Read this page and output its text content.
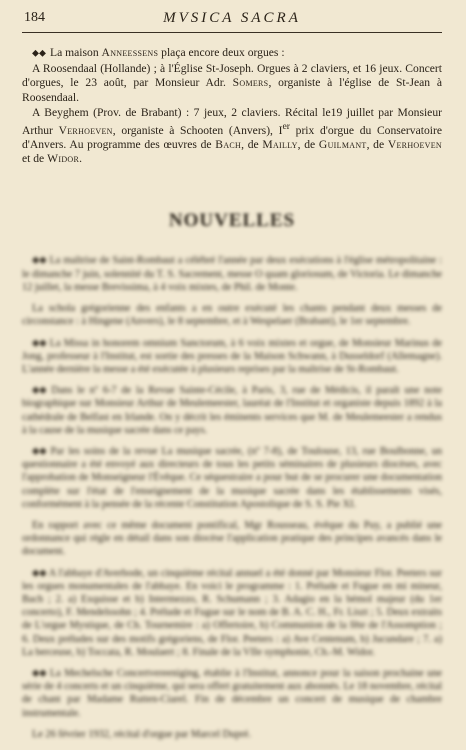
184	MVSICA SACRA

⬥⬥ La maison Anneessens plaça encore deux orgues :

A Roosendaal (Hollande) ; à l'Église St-Joseph. Orgues à 2 claviers, et 16 jeux. Concert d'orgues, le 23 août, par Monsieur Adr. Somers, organiste à l'église de St-Jean à Roosendaal.

A Beyghem (Prov. de Brabant) : 7 jeux, 2 claviers. Récital le19 juillet par Monsieur Arthur Verhoeven, organiste à Schooten (Anvers), Ier prix d'orgue du Conservatoire d'Anvers. Au programme des œuvres de Bach, de Mailly, de Guilmant, de Verhoeven et de Widor.

NOUVELLES

⬥⬥ La maîtrise de Saint-Rombaut a célébré l'année par deux exécutions à l'église métropolitaine : le dimanche 7 juin, solennité du T. S. Sacrement, messe O quam gloriosum, de Victoria. Le dimanche 12 juillet, la messe Brevissima, à 4 voix mixtes, de Phil. de Monte.

La schola grégorienne des enfants a en outre exécuté les chants pendant deux messes de circonstance : à Hingene (Anvers), le 8 septembre, et à Wespelaer (Brabant), le 1er septembre.

⬥⬥ La Missa in honorem omnium Sanctorum, à 6 voix mixtes et orgue, de Monsieur Marinus de Jong, professeur à l'Institut, est sortie des presses de la Maison Schwann, à Dusseldorf (Allemagne). L'année dernière la messe a été exécutée à plusieurs reprises par la maîtrise de St-Rombaut.

⬥⬥ Dans le nº 6-7 de la Revue Sainte-Cécile, à Paris, 3, rue de Médicis, il paraît une note biographique sur Monsieur Arthur de Meulemeester, lauréat de l'Institut et organiste depuis 1892 à la cathédrale de Belfast en Irlande. On y décrit les éminents services que M. de Meulemeester a rendus à la cause de la musique sacrée dans ce pays.

⬥⬥ Par les soins de la revue La musique sacrée, (nº 7-8), de Toulouse, 13, rue Boulbonne, un questionnaire a été envoyé aux directeurs de tous les petits séminaires de plusieurs diocèses, avec l'approbation de Monseigneur l'Évêque. Ce séquestraire a pour but de se procurer une documentation complète sur l'état de l'enseignement de la musique sacrée dans les établissements visés, conformément à la pensée de la récente Constitution Apostolique de S. S. Pie XI.

En rapport avec ce même document pontifical, Mgr Rousseau, évêque du Puy, a publié une ordonnance qui règle en détail dans son diocèse l'application pratique des principes avancés dans le document.

⬥⬥ A l'abbaye d'Averbode, un cinquième récital annuel a été donné par Monsieur Flor. Peeters sur les orgues monumentales de l'abbaye. En voici le programme : 1. Prélude et Fugue en mi mineur, Bach ; 2. a) Exquisse et b) Intermezzo, R. Schumann ; 3. Adagio en la bémol majeur (du 1er concerto), F. Mendelssohn ; 4. Prélude et Fugue sur le nom de B. A. C. H., Fr. Liszt ; 5. Deux extraits de L'orgue Mystique, de Ch. Tournemire : a) Offertoire, b) Communion de la fête de l'Assomption ; 6. Deux préludes sur des motifs grégoriens, de Flor. Peeters : a) Ave Centenum, b) Jucundare ; 7. a) La berceuse, b) Toccata, R. Moulaert ; 8. Finale de la VIIe symphonie, Ch.-M. Widor.

⬥⬥ La Mechelsche Concertvereeniging, établie à l'Institut, annonce pour la saison prochaine une série de 4 concerts et un cinquième, qui sera offert gratuitement aux abonnés. Le 18 novembre, récital de chant par Madame Rutten-Ciarel. Fin de décembre un concert de musique de chambre instrumentale.

Le 26 février 1932, récital d'orgue par Marcel Dupré.
